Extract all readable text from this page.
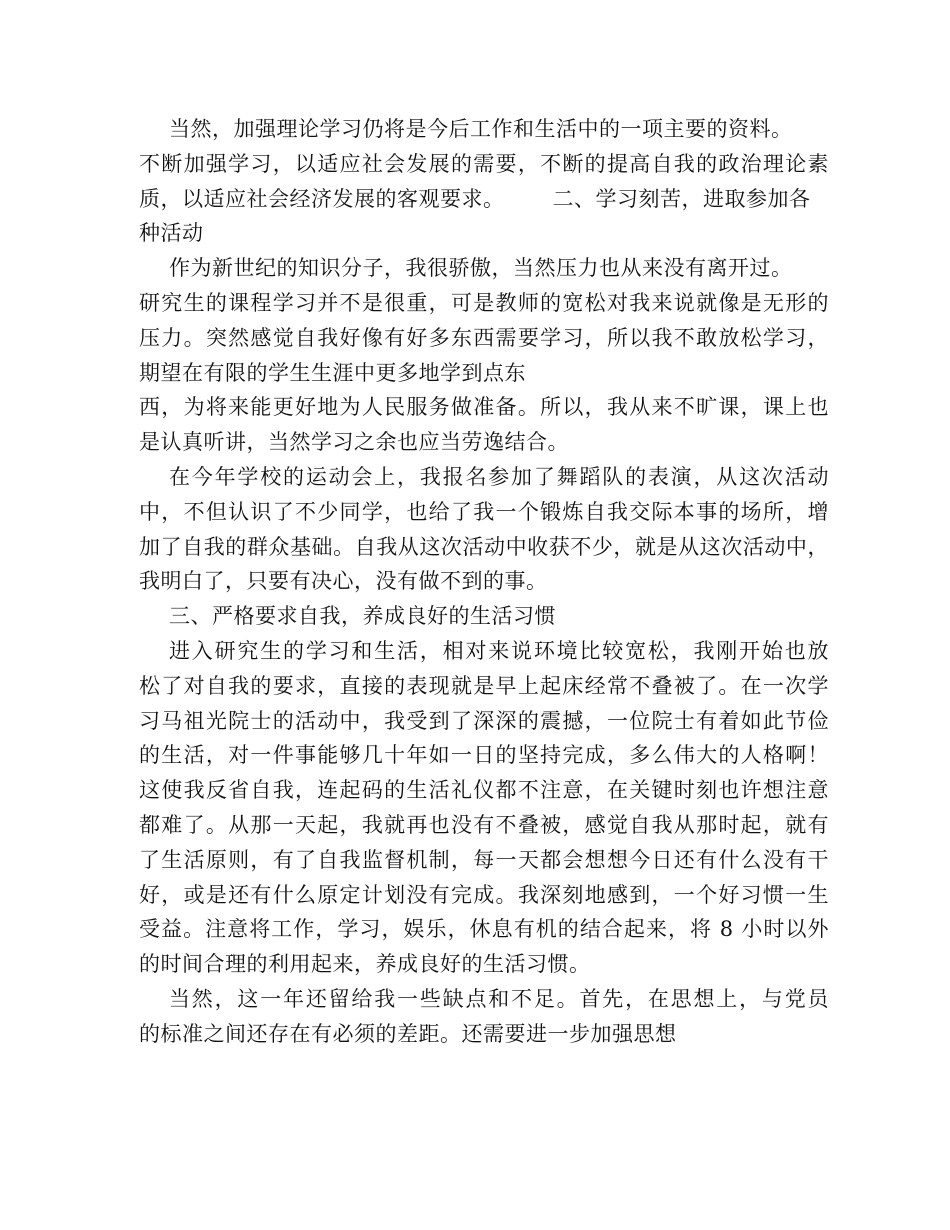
当然，加强理论学习仍将是今后工作和生活中的一项主要的资料。
不断加强学习，以适应社会发展的需要，不断的提高自我的政治理论素
质，以适应社会经济发展的客观要求。 二、学习刻苦，进取参加各
种活动
作为新世纪的知识分子，我很骄傲，当然压力也从来没有离开过。
研究生的课程学习并不是很重，可是教师的宽松对我来说就像是无形的
压力。突然感觉自我好像有好多东西需要学习，所以我不敢放松学习，
期望在有限的学生生涯中更多地学到点东
西，为将来能更好地为人民服务做准备。所以，我从来不旷课，课上也
是认真听讲，当然学习之余也应当劳逸结合。
在今年学校的运动会上，我报名参加了舞蹈队的表演，从这次活动
中，不但认识了不少同学，也给了我一个锻炼自我交际本事的场所，增
加了自我的群众基础。自我从这次活动中收获不少，就是从这次活动中，
我明白了，只要有决心，没有做不到的事。
三、严格要求自我，养成良好的生活习惯
进入研究生的学习和生活，相对来说环境比较宽松，我刚开始也放
松了对自我的要求，直接的表现就是早上起床经常不叠被了。在一次学
习马祖光院士的活动中，我受到了深深的震撼，一位院士有着如此节俭
的生活，对一件事能够几十年如一日的坚持完成，多么伟大的人格啊！
这使我反省自我，连起码的生活礼仪都不注意，在关键时刻也许想注意
都难了。从那一天起，我就再也没有不叠被，感觉自我从那时起，就有
了生活原则，有了自我监督机制，每一天都会想想今日还有什么没有干
好，或是还有什么原定计划没有完成。我深刻地感到，一个好习惯一生
受益。注意将工作，学习，娱乐，休息有机的结合起来，将 8 小时以外
的时间合理的利用起来，养成良好的生活习惯。
当然，这一年还留给我一些缺点和不足。首先，在思想上，与党员
的标准之间还存在有必须的差距。还需要进一步加强思想
